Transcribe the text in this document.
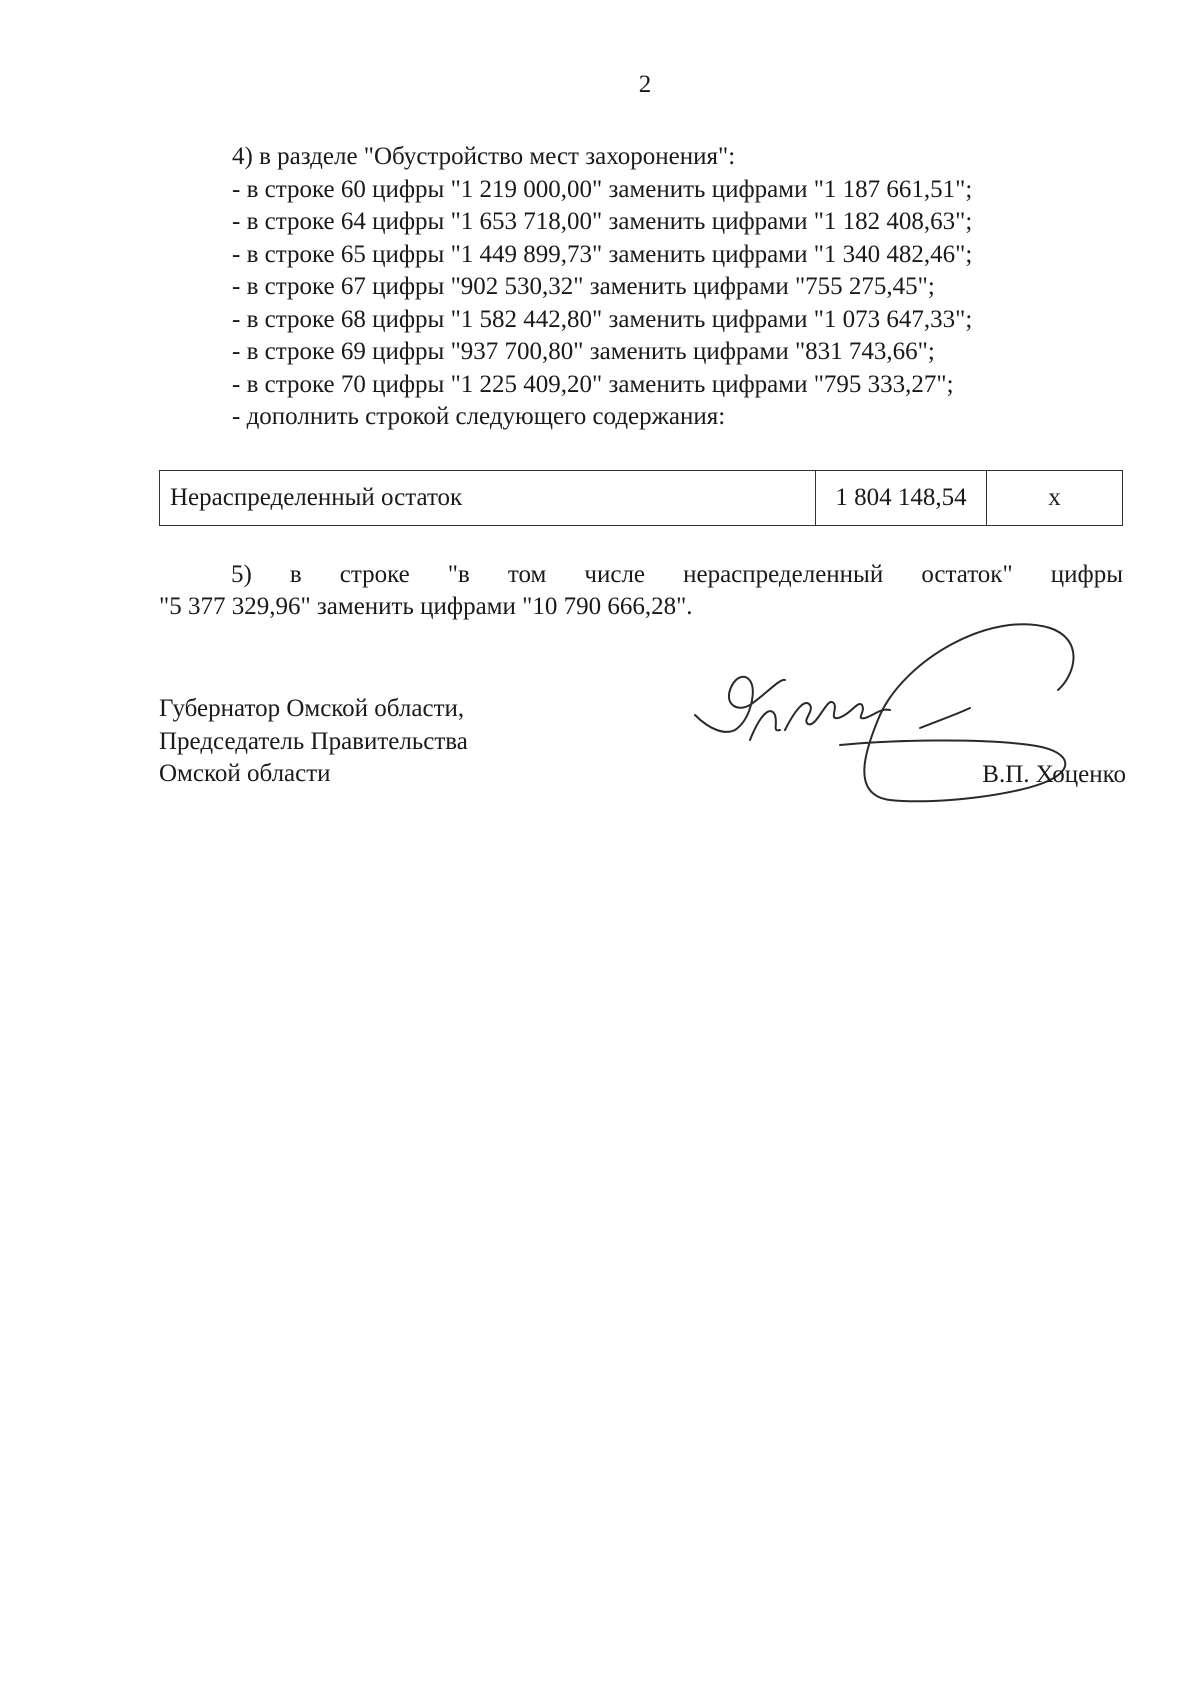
2
4) в разделе "Обустройство мест захоронения":
- в строке 60 цифры "1 219 000,00" заменить цифрами "1 187 661,51";
- в строке 64 цифры "1 653 718,00" заменить цифрами "1 182 408,63";
- в строке 65 цифры "1 449 899,73" заменить цифрами "1 340 482,46";
- в строке 67 цифры "902 530,32" заменить цифрами "755 275,45";
- в строке 68 цифры "1 582 442,80" заменить цифрами "1 073 647,33";
- в строке 69 цифры "937 700,80" заменить цифрами "831 743,66";
- в строке 70 цифры "1 225 409,20" заменить цифрами "795 333,27";
- дополнить строкой следующего содержания:
Нераспределенный остаток	1 804 148,54	x
5) в строке "в том числе нераспределенный остаток" цифры
"5 377 329,96" заменить цифрами "10 790 666,28".
Губернатор Омской области,
Председатель Правительства
Омской области	В.П. Хоценко
